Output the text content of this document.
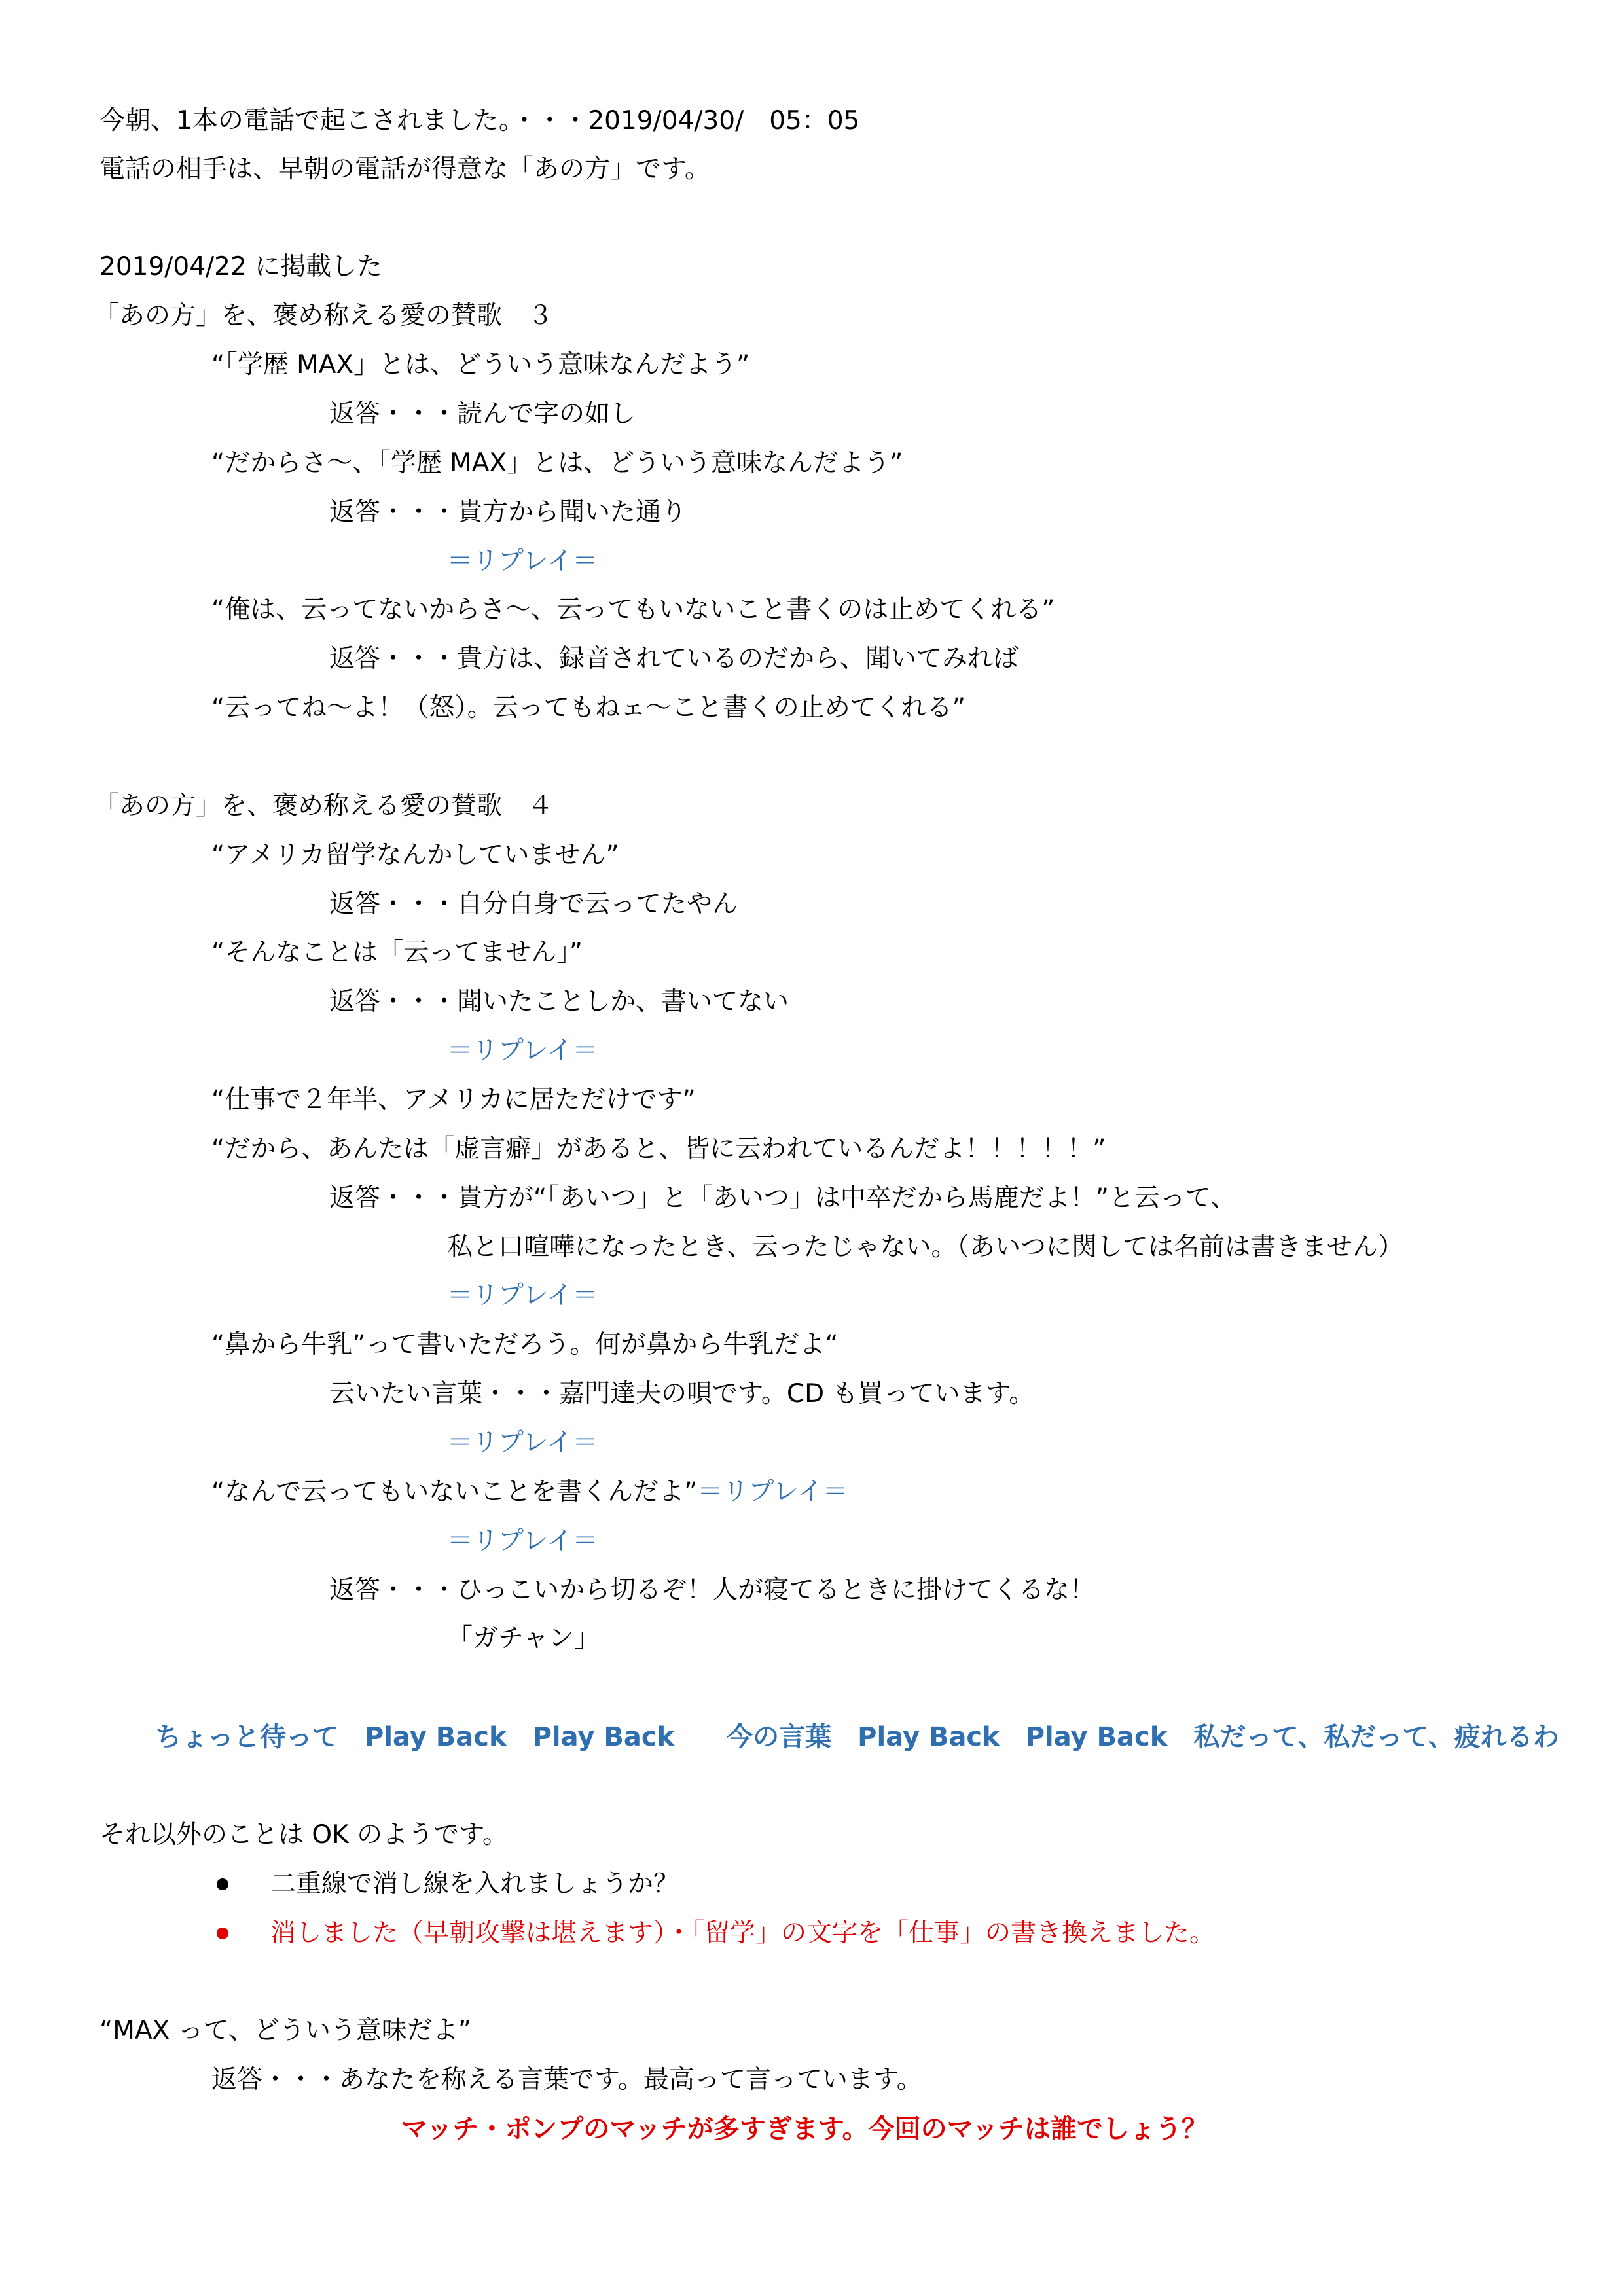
今朝、1本の電話で起こされました。・・・2019/04/30/　05：05
電話の相手は、早朝の電話が得意な「あの方」です。
2019/04/22 に掲載した
「あの方」を、褒め称える愛の賛歌　３
“「学歴 MAX」とは、どういう意味なんだよう”
返答・・・読んで字の如し
“だからさ～、「学歴 MAX」とは、どういう意味なんだよう”
返答・・・貴方から聞いた通り
＝リプレイ＝
“俺は、云ってないからさ～、云ってもいないこと書くのは止めてくれる”
返答・・・貴方は、録音されているのだから、聞いてみれば
“云ってね～よ！（怒）。云ってもねェ～こと書くの止めてくれる”
「あの方」を、褒め称える愛の賛歌　４
“アメリカ留学なんかしていません”
返答・・・自分自身で云ってたやん
“そんなことは「云ってません」”
返答・・・聞いたことしか、書いてない
＝リプレイ＝
“仕事で２年半、アメリカに居ただけです”
“だから、あんたは「虚言癖」があると、皆に云われているんだよ！！！！！”
返答・・・貴方が“「あいつ」と「あいつ」は中卒だから馬鹿だよ！”と云って、
私と口喧嘩になったとき、云ったじゃない。（あいつに関しては名前は書きません）
＝リプレイ＝
“鼻から牛乳”って書いただろう。何が鼻から牛乳だよ“
云いたい言葉・・・嘉門達夫の唄です。CD も買っています。
＝リプレイ＝
“なんで云ってもいないことを書くんだよ”＝リプレイ＝
＝リプレイ＝
返答・・・ひっこいから切るぞ！人が寝てるときに掛けてくるな！
「ガチャン」
ちょっと待って　Play Back　Play Back　　今の言葉　Play Back　Play Back　私だって、私だって、疲れるわ
それ以外のことは OK のようです。
二重線で消し線を入れましょうか？
消しました（早朝攻撃は堪えます）・「留学」の文字を「仕事」の書き換えました。
“MAX って、どういう意味だよ”
返答・・・あなたを称える言葉です。最高って言っています。
マッチ・ポンプのマッチが多すぎます。今回のマッチは誰でしょう？
